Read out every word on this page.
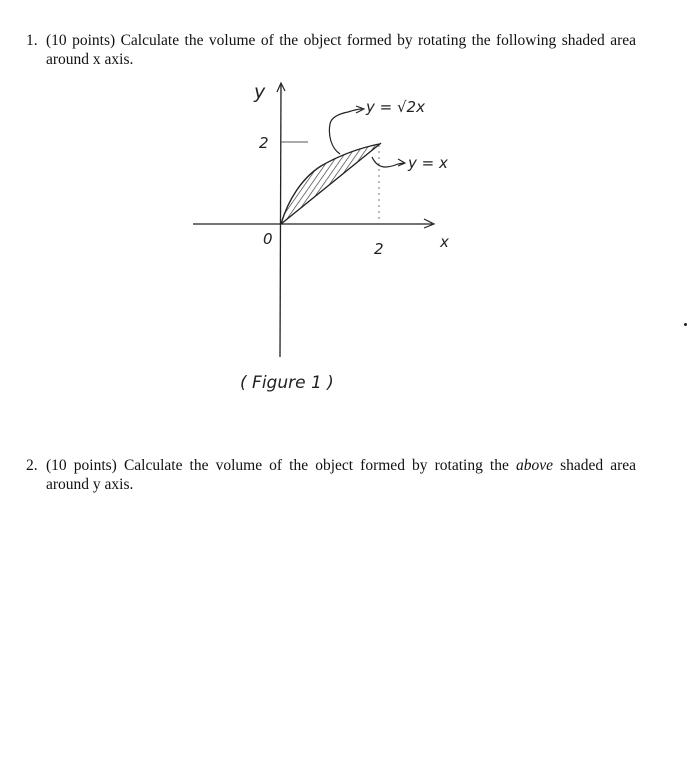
1. (10 points) Calculate the volume of the object formed by rotating the following shaded area around x axis.
y
x
0
2
2
y = √2x
y = x
( Figure 1 )
2. (10 points) Calculate the volume of the object formed by rotating the above shaded area around y axis.
